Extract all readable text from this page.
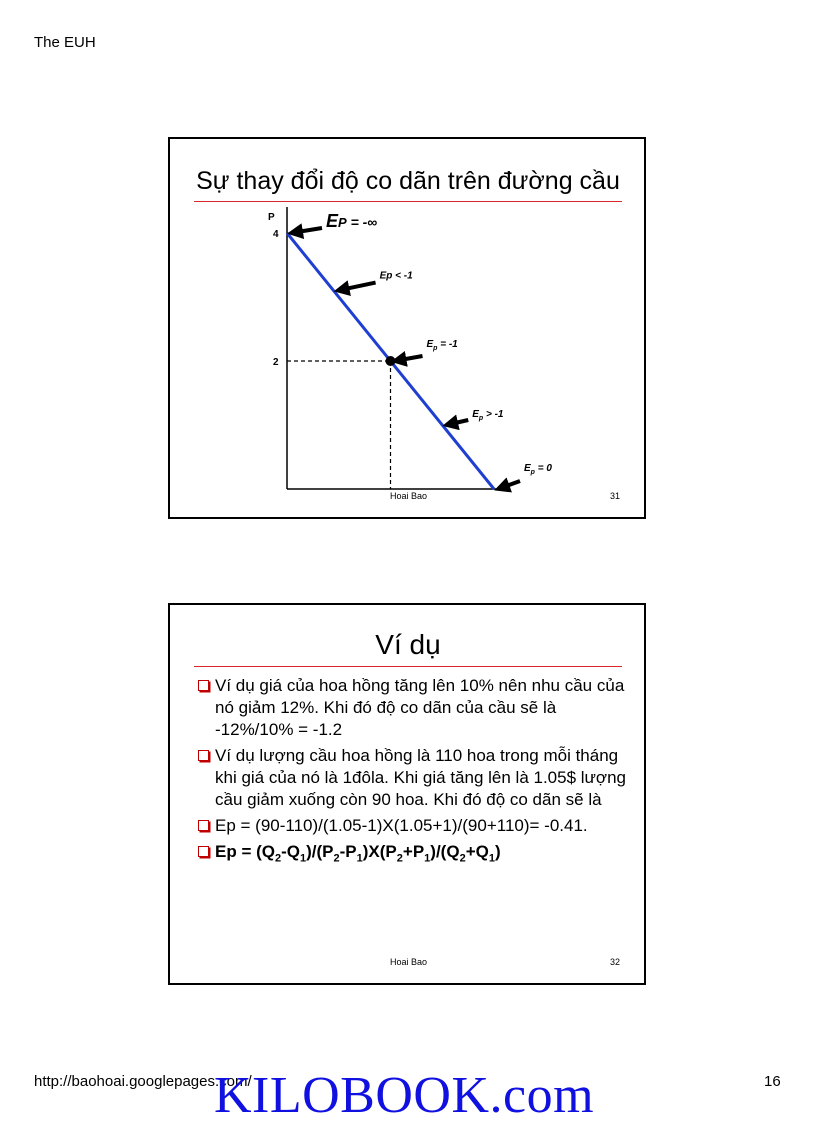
The EUH
Sự thay đổi độ co dãn trên đường cầu
P
4
2
EP = -∞
Ep < -1
$E_p = -1$
$E_p > -1$
$E_p = 0$
Hoai Bao	31
Ví dụ
Ví dụ giá của hoa hồng tăng lên 10% nên nhu cầu của nó giảm 12%. Khi đó độ co dãn của cầu sẽ là -12%/10% = -1.2
Ví dụ lượng cầu hoa hồng là 110 hoa trong mỗi tháng khi giá của nó là 1đôla. Khi giá tăng lên là 1.05$ lượng cầu giảm xuống còn 90 hoa. Khi đó độ co dãn sẽ là
Ep = (90-110)/(1.05-1)X(1.05+1)/(90+110)= -0.41.
$Ep = (Q_2-Q_1)/(P_2-P_1)X(P_2+P_1)/(Q_2+Q_1)$
Hoai Bao	32
http://baohoai.googlepages.com/	16
KILOBOOK.com
